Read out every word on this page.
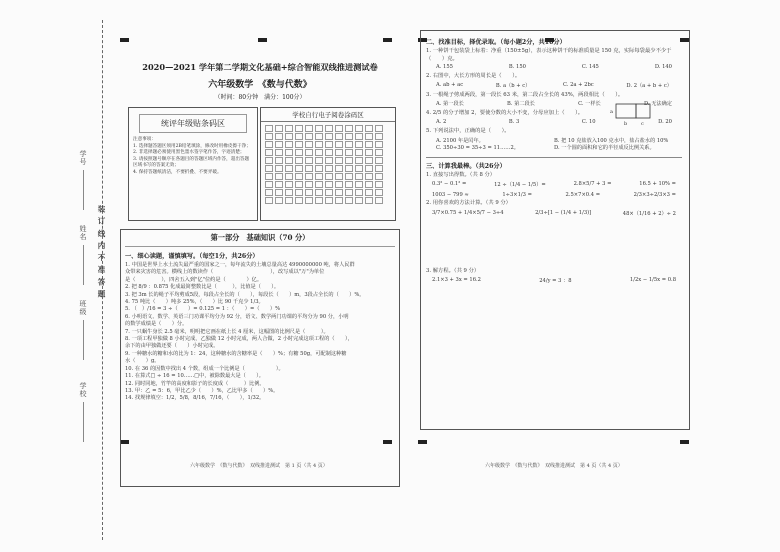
学号
姓名 装 订 线 内 不 准 答 题
班级
学校
2020—2021 学年第二学期文化基础+综合智能双线推进测试卷
六年级数学　《数与代数》
（时间：80分钟　满分：100分）
统评年级贴条码区
注意事项：
1. 选择题答题区须用2B铅笔填涂，修改时用橡皮擦干净；
2. 非选择题必须使用黑色墨水签字笔作答，字迹清楚；
3. 请按照题号顺序在各题目的答题区域内作答，超出答题区域书写的答案无效；
4. 保持答题纸清洁，不要折叠、不要弄破。
学校自行电子阅卷涂码区
第一部分　基础知识（70 分）
一、细心读题，谨慎填写。（每空1分，共26分）
1. 中国是世界上水土流失最严重的国家之一，每年流失的土壤总量高达 4990000000 吨，将人民群
众带来灾害的危害。横线上的数读作（　　　　　　　　　　　），改写成以"万"为单位
是（　　　　　），四舍五入到"亿"位约是（　　　　）亿。
2. 把 8/9 ：0.875 化成最简整数比是（　　　），比值是（　　）。
3. 把 3m 长的绳子平均剪成5段，每段占全长的（　　），每段长（　　）m，3段占全长的（　　）%。
4. 75 吨比（　　）吨多 25%，（　　）比 90 千克少 1/3。
5. （　）/16 = 3 ÷（　　）= 0.125 = 1 ：（　　）=（　　）%
6. 小明语文、数学、英语三门功课平均分为 92 分，语文、数学两门功课的平均分为 90 分，小明
的数学成绩是（　　）分。
7. 一只蜗牛身长 2.5 毫米，明明把它画在纸上长 4 厘米，这幅图的比例尺是（　　　）。
8. 一项工程甲独做 8 小时完成，乙独做 12 小时完成，两人合做，2 小时完成这项工程的（　　），
余下的由甲独做还要（　　）小时完成。
9. 一种糖水的糖和水的比为 1：24，这种糖水的含糖率是（　　）%；有糖 50g，可配制这种糖
水（　　）g。
10. 在 36 的因数中找出 4 个数，组成一个比例是（　　　　　　）。
11. 在算式□ ÷ 16 = 10……□中，被除数最大是（　　）。
12. 同时同地，竹竿的高度和影子的长度成（　　　）比例。
13. 甲：乙 = 5：6，甲比乙少（　　）%，乙比甲多（　　）%。
14. 找规律填空：1/2，5/8，8/16，7/16，（　　），1/32。
六年级数学　《数与代数》　双线推进测试　第 1 页（共 4 页）
二、找准目标，择优录取。（每小题2分，共10分）
1. 一种饼干包装袋上标着：净重（150±5g），表示这种饼干的标准质量是 150 克，实际每袋最少不少于（　　）克。
A. 155	B. 150	C. 145	D. 140
2. 右图中，大长方形的周长是（　　）。
A. ab + ac	B. a（b + c）	C. 2a + 2bc	D. 2（a + b + c）
3. 一根绳子剪成两段，第一段长 63 米，第二段占全长的 43%，两段相比（　　）。
A. 第一段长	B. 第二段长	C. 一样长	D. 无法确定
4. 2/5 的分子增加 2，要使分数的大小不变，分母应加上（　　）。
A. 2	B. 3	C. 10	D. 20
5. 下列说法中，正确的是（　　）。
A. 2100 年是闰年。	B. 把 10 克盐放入100 克水中，盐占盐水的 10%
C. 350÷30 = 35÷3 = 11……2。	D. 一个圆的面积和它的半径成反比例关系。
三、计算我最棒。（共26分）
1. 直接写出得数。（共 8 分）
0.3² − 0.1² =	12 ÷（1/4 − 1/5）=	2.8×5/7 + 3 =	16.5 + 10% =
1003 − 799 ≈	1÷3×1/3 =	2.5×7×0.4 =	2/3×3÷2/3×3 =
2. 用你喜欢的方法计算。（共 9 分）
3/7×0.75 + 1/4×5/7 − 3÷4	2/3÷[1 − (1/4 + 1/3)]	48×（1/16 + 2）÷ 2
3. 解方程。（共 9 分）
2.1×3 + 3x = 16.2	24/y = 3 ：8	1/2x − 1/5x = 0.8
a
b	c
六年级数学　《数与代数》　双线推进测试　第 4 页（共 4 页）
